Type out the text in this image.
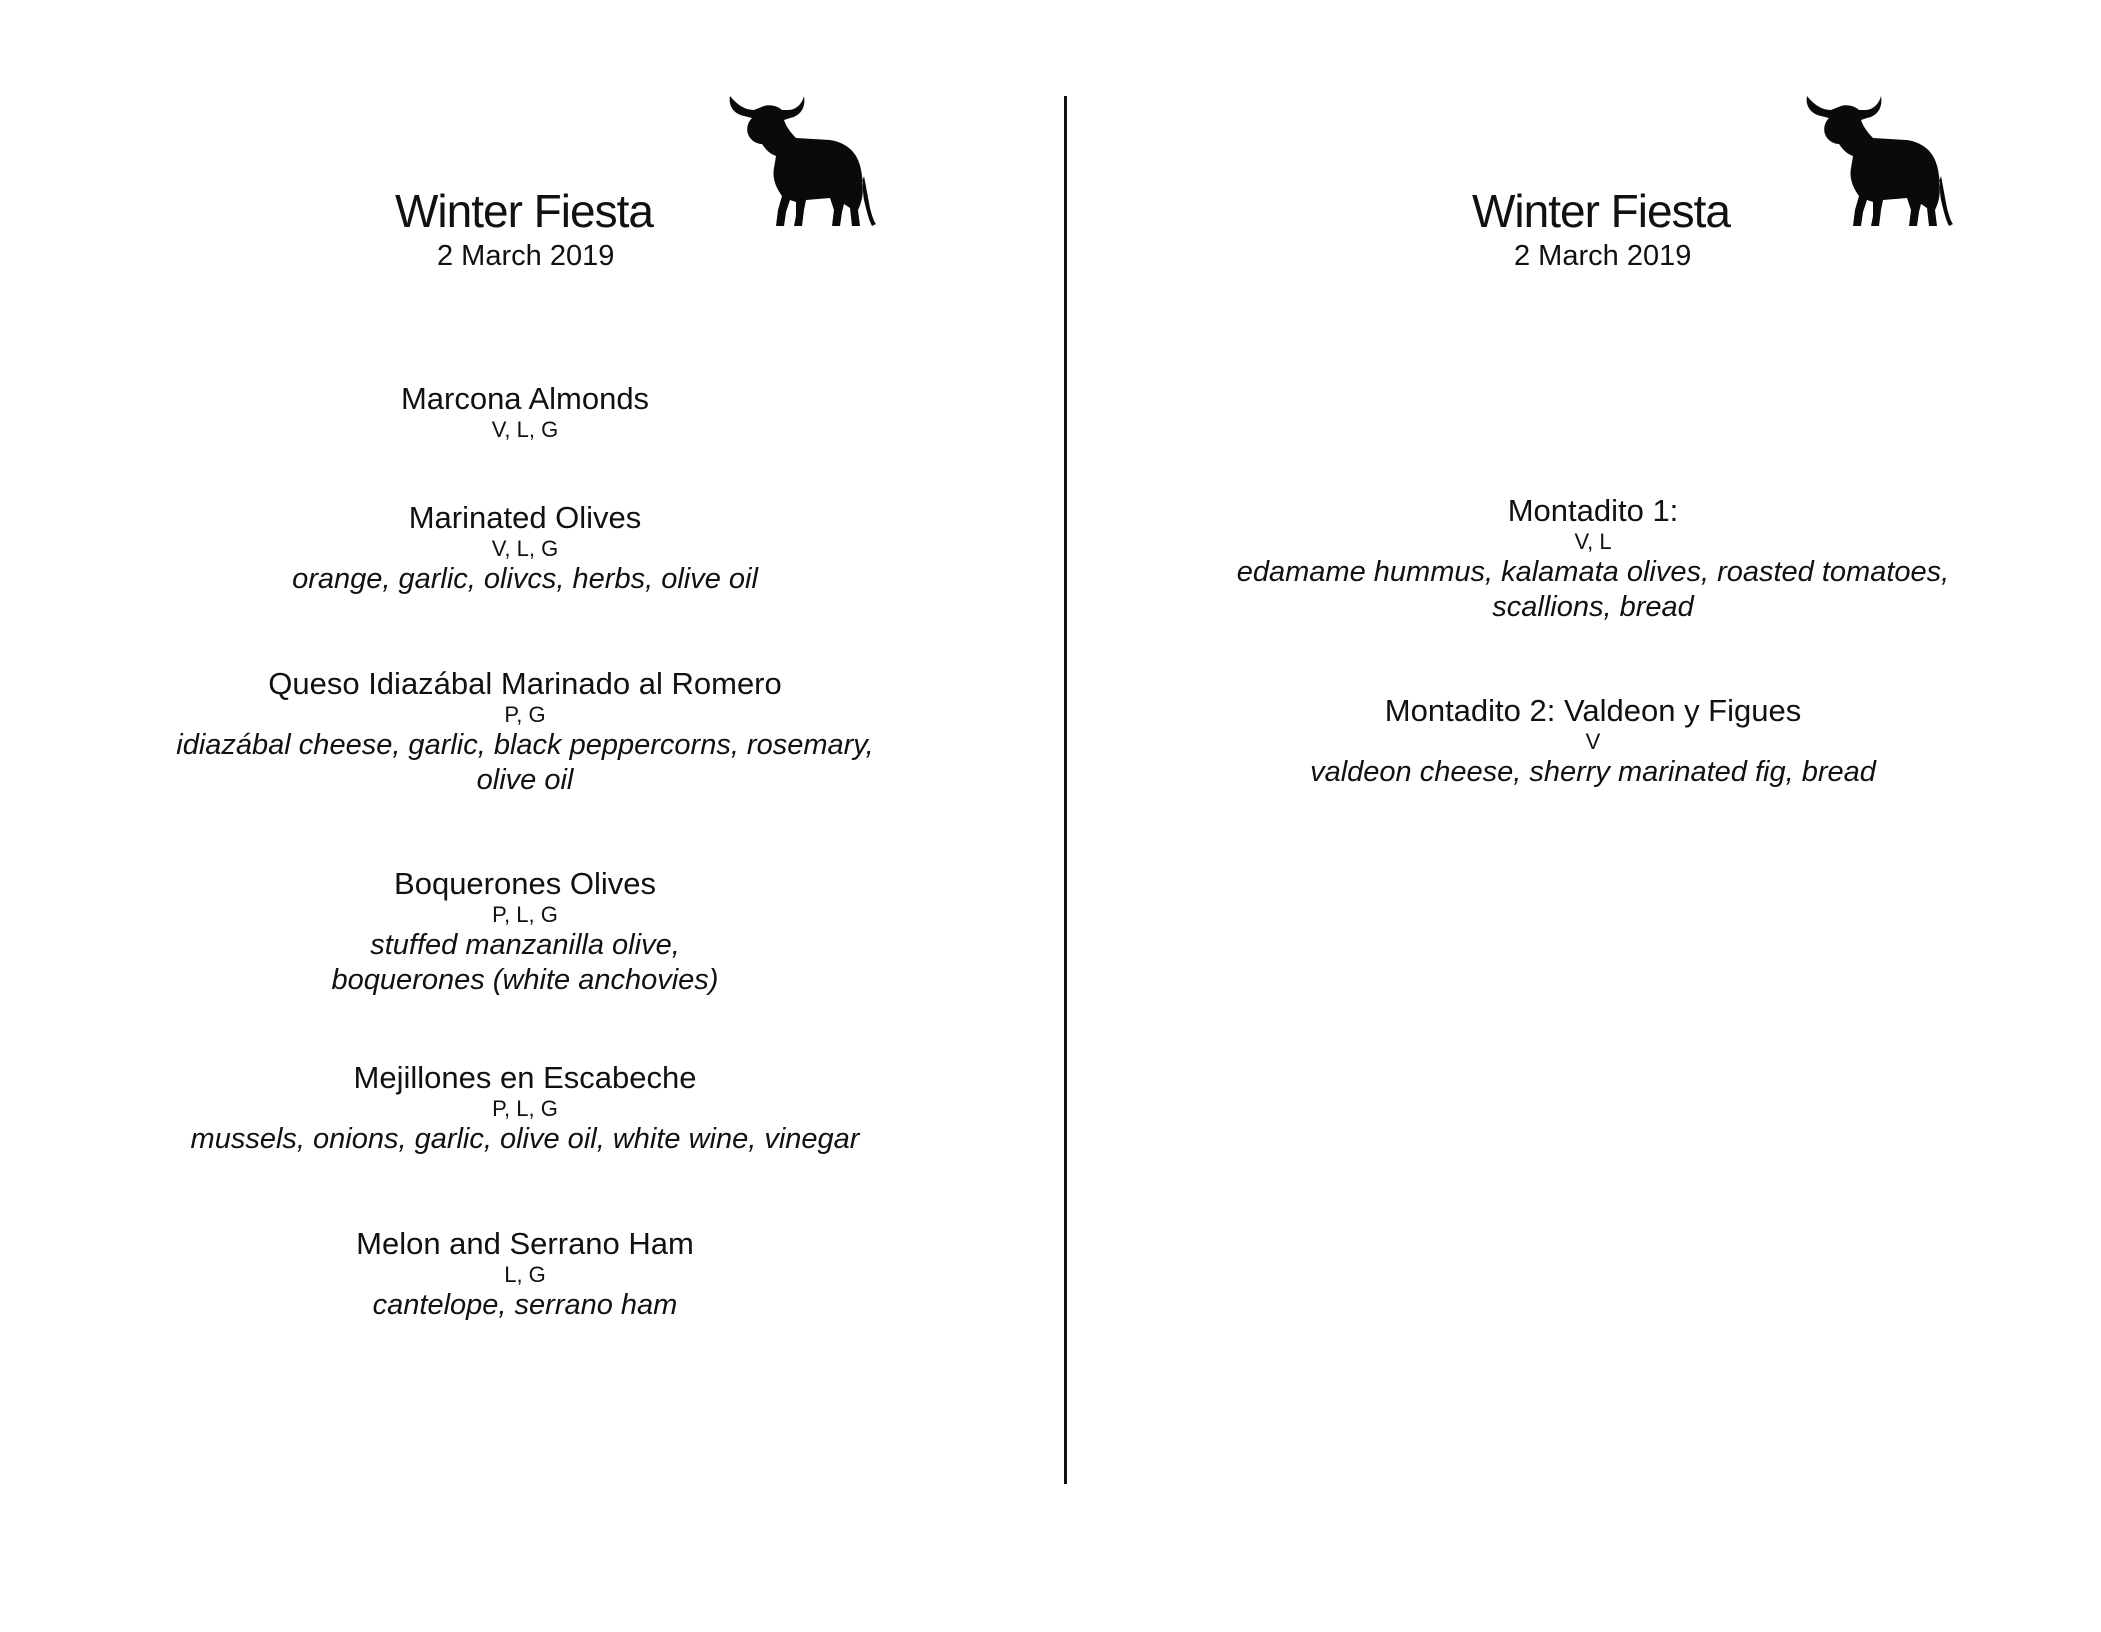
Winter Fiesta
2 March 2019
Marcona Almonds
V, L, G
Marinated Olives
V, L, G
orange, garlic, olivcs, herbs, olive oil
Queso Idiazábal Marinado al Romero
P, G
idiazábal cheese, garlic, black peppercorns, rosemary,
olive oil
Boquerones Olives
P, L, G
stuffed manzanilla olive,
boquerones (white anchovies)
Mejillones en Escabeche
P, L, G
mussels, onions, garlic, olive oil, white wine, vinegar
Melon and Serrano Ham
L, G
cantelope, serrano ham
Winter Fiesta
2 March 2019
Montadito 1:
V, L
edamame hummus, kalamata olives, roasted tomatoes,
scallions, bread
Montadito 2: Valdeon y Figues
V
valdeon cheese, sherry marinated fig, bread
